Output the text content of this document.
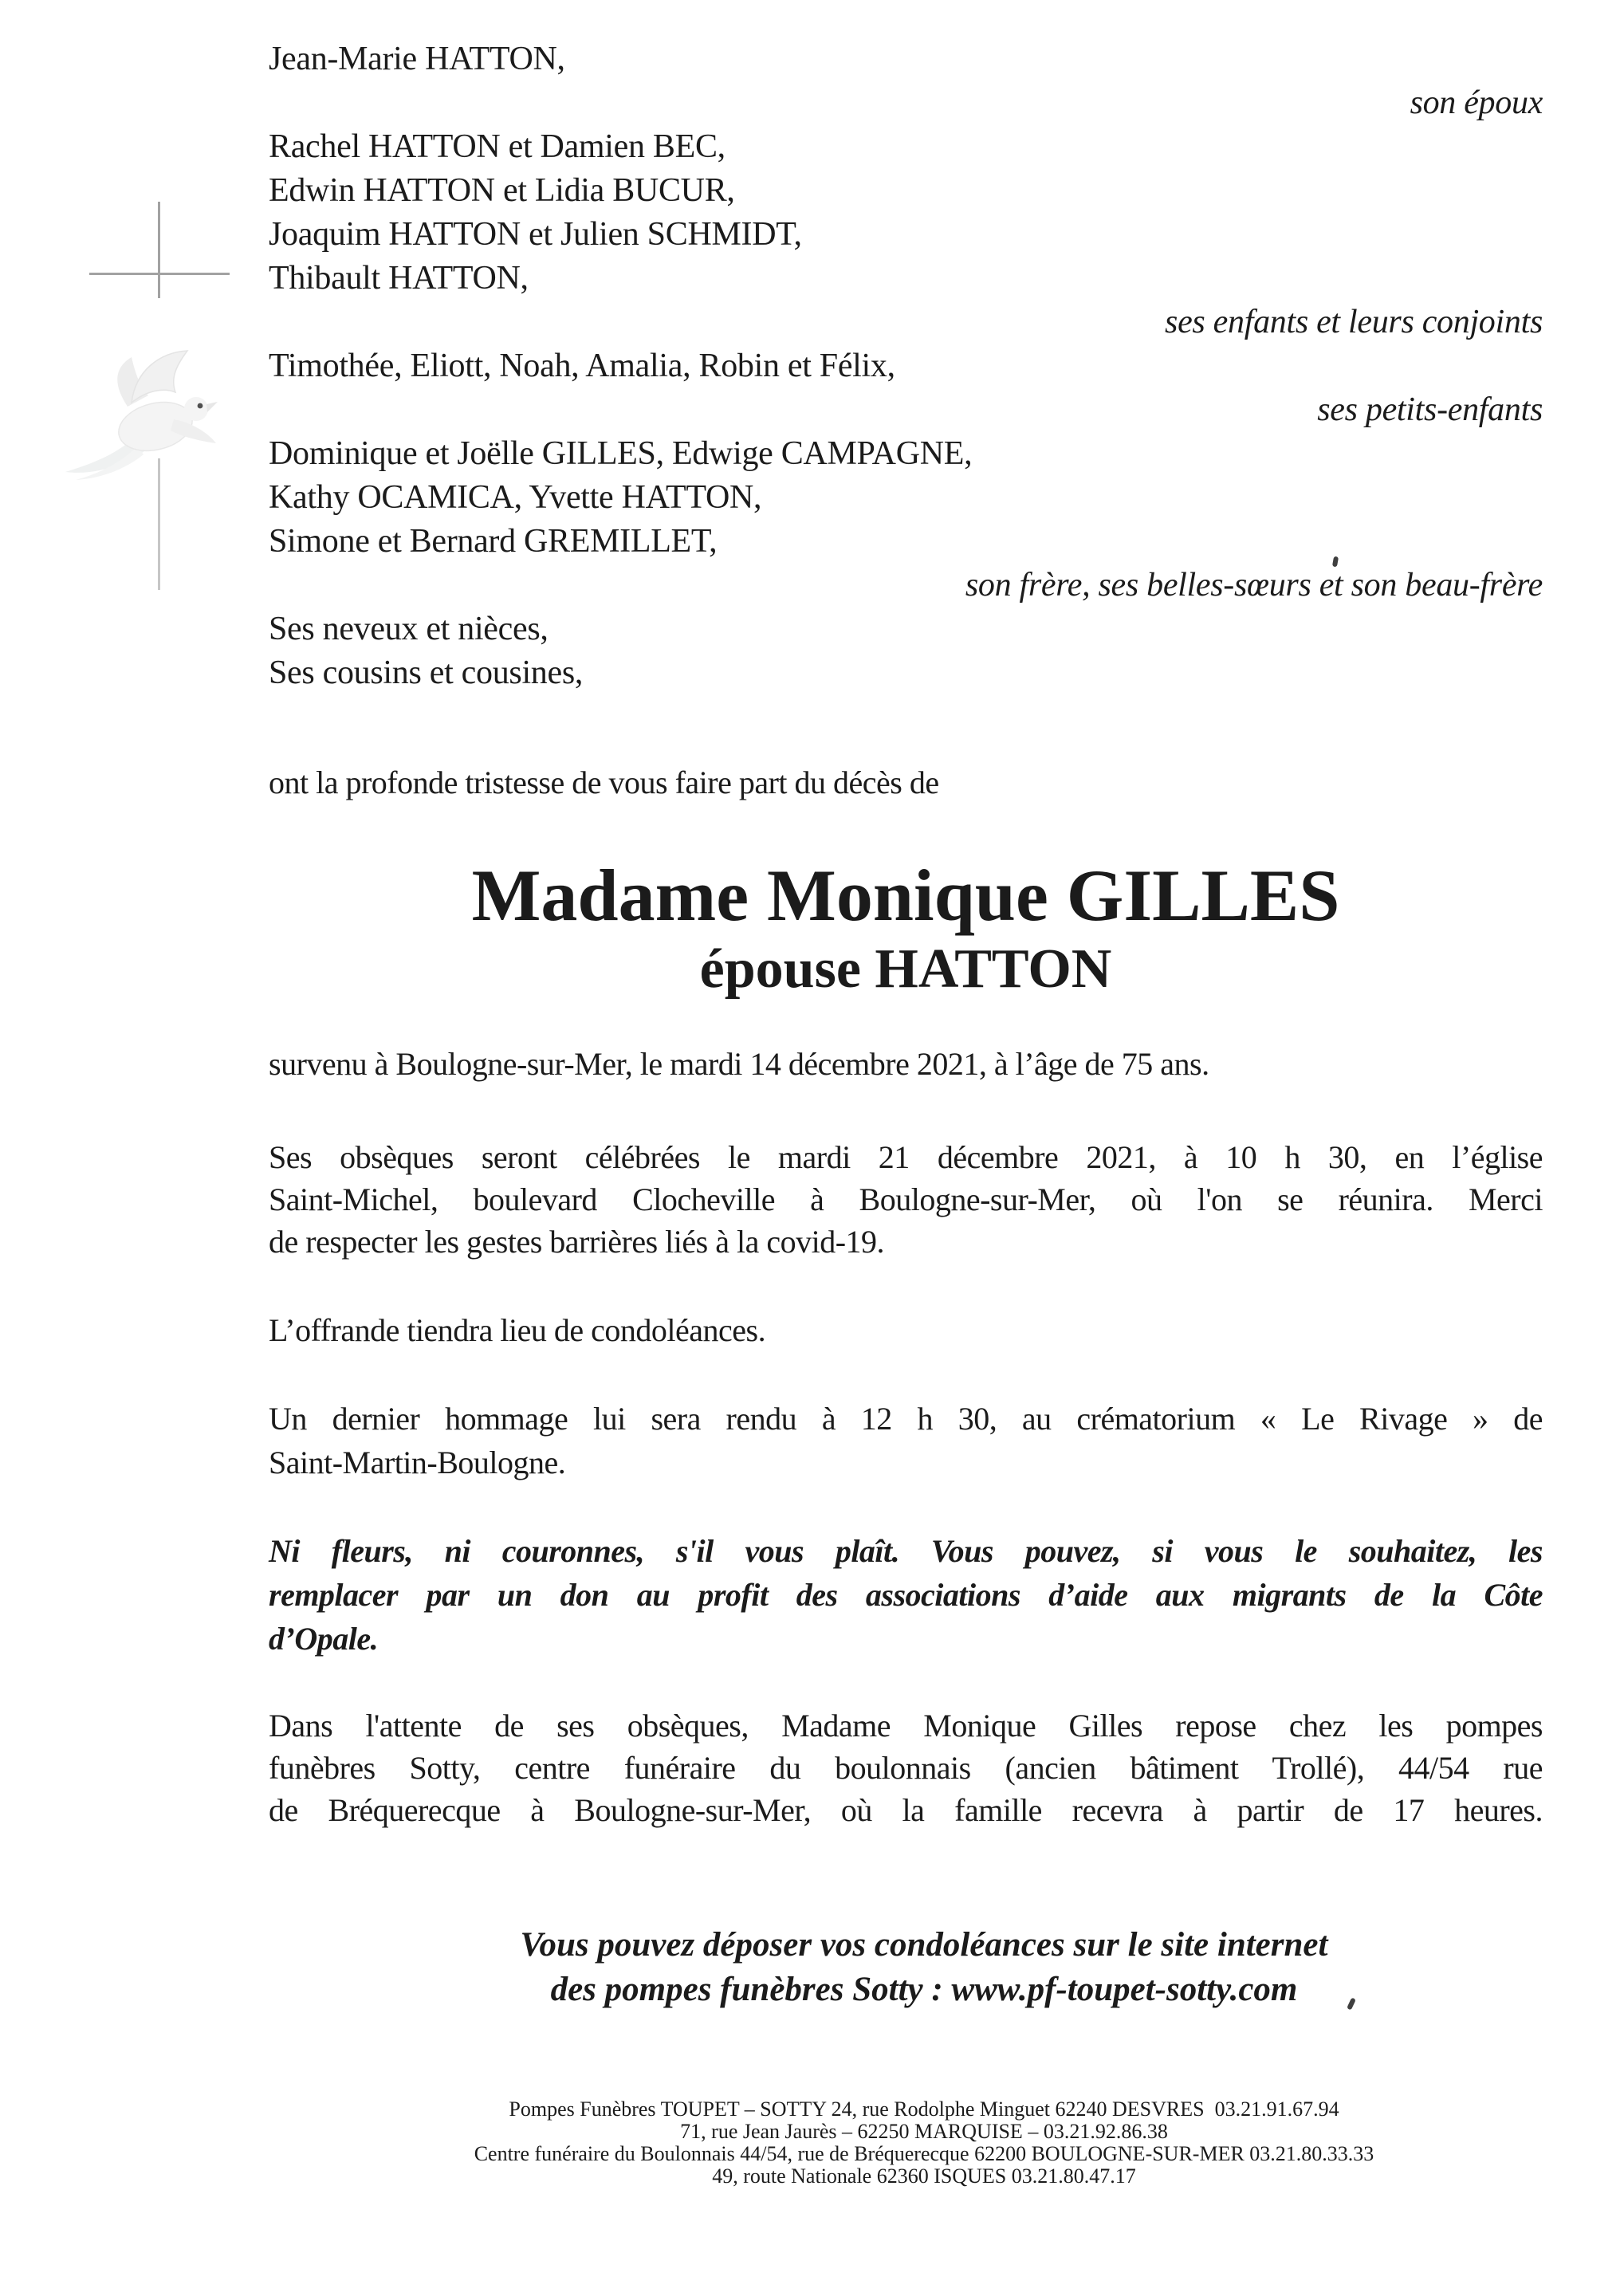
Jean-Marie HATTON,
son époux
Rachel HATTON et Damien BEC,
Edwin HATTON et Lidia BUCUR,
Joaquim HATTON et Julien SCHMIDT,
Thibault HATTON,
ses enfants et leurs conjoints
Timothée, Eliott, Noah, Amalia, Robin et Félix,
ses petits-enfants
Dominique et Joëlle GILLES, Edwige CAMPAGNE,
Kathy OCAMICA, Yvette HATTON,
Simone et Bernard GREMILLET,
son frère, ses belles-sœurs et son beau-frère
Ses neveux et nièces,
Ses cousins et cousines,
ont la profonde tristesse de vous faire part du décès de
Madame Monique GILLES
épouse HATTON
survenu à Boulogne-sur-Mer, le mardi 14 décembre 2021, à l’âge de 75 ans.
Ses obsèques seront célébrées le mardi 21 décembre 2021, à 10 h 30, en l’église
Saint-Michel, boulevard Clocheville à Boulogne-sur-Mer, où l'on se réunira. Merci
de respecter les gestes barrières liés à la covid-19.
L’offrande tiendra lieu de condoléances.
Un dernier hommage lui sera rendu à 12 h 30, au crématorium « Le Rivage » de
Saint-Martin-Boulogne.
Ni fleurs, ni couronnes, s'il vous plaît. Vous pouvez, si vous le souhaitez, les
remplacer par un don au profit des associations d’aide aux migrants de la Côte
d’Opale.
Dans l'attente de ses obsèques, Madame Monique Gilles repose chez les pompes
funèbres Sotty, centre funéraire du boulonnais (ancien bâtiment Trollé), 44/54 rue
de Bréquerecque à Boulogne-sur-Mer, où la famille recevra à partir de 17 heures.
Vous pouvez déposer vos condoléances sur le site internet
des pompes funèbres Sotty : www.pf-toupet-sotty.com
Pompes Funèbres TOUPET – SOTTY 24, rue Rodolphe Minguet 62240 DESVRES  03.21.91.67.94
71, rue Jean Jaurès – 62250 MARQUISE – 03.21.92.86.38
Centre funéraire du Boulonnais 44/54, rue de Bréquerecque 62200 BOULOGNE-SUR-MER 03.21.80.33.33
49, route Nationale 62360 ISQUES 03.21.80.47.17
